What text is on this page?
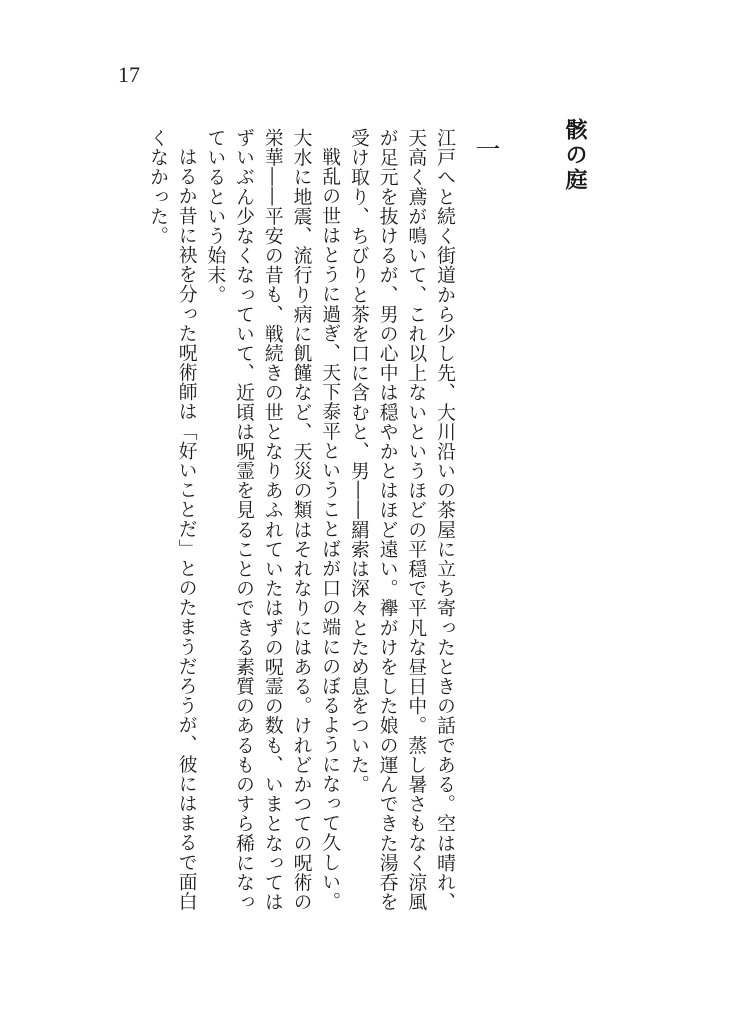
17
骸の庭
一

江戸へと続く街道から少し先、大川沿いの茶屋に立ち寄ったときの話である。空は晴れ、天高く鳶が鳴いて、これ以上ないというほどの平穏で平凡な昼日中。蒸し暑さもなく涼風が足元を抜けるが、男の心中は穏やかとはほど遠い。襷がけをした娘の運んできた湯呑を受け取り、ちびりと茶を口に含むと、男――羂索は深々とため息をついた。

戦乱の世はとうに過ぎ、天下泰平ということばが口の端にのぼるようになって久しい。大水に地震、流行り病に飢饉など、天災の類はそれなりにはある。けれどかつての呪術の栄華――平安の昔も、戦続きの世となりあふれていたはずの呪霊の数も、いまとなってはずいぶん少なくなっていて、近頃は呪霊を見ることのできる素質のあるものすら稀になっているという始末。

はるか昔に袂を分った呪術師は「好いことだ」とのたまうだろうが、彼にはまるで面白くなかった。
